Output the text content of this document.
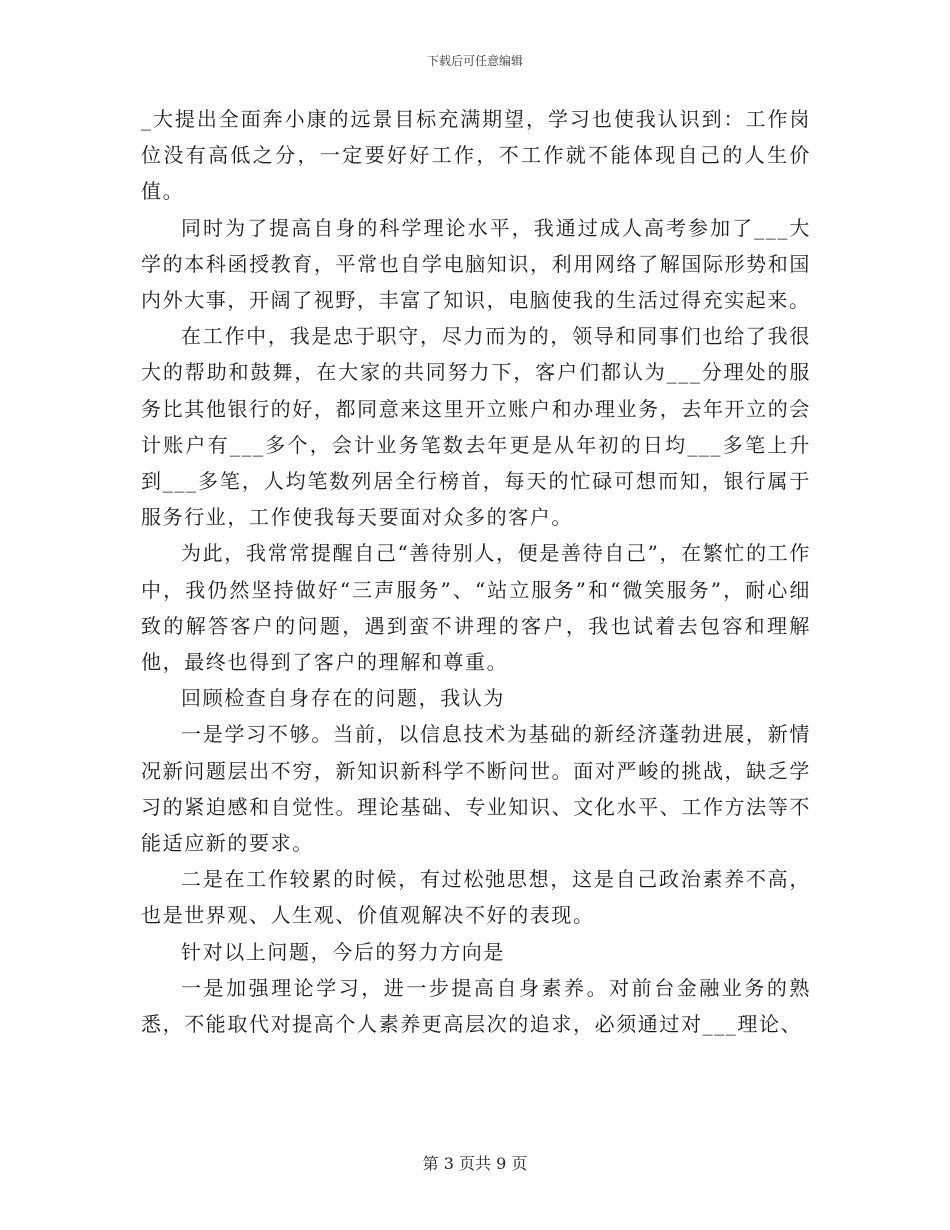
下载后可任意编辑

_大提出全面奔小康的远景目标充满期望，学习也使我认识到：工作岗位没有高低之分，一定要好好工作，不工作就不能体现自己的人生价值。

同时为了提高自身的科学理论水平，我通过成人高考参加了___大学的本科函授教育，平常也自学电脑知识，利用网络了解国际形势和国内外大事，开阔了视野，丰富了知识，电脑使我的生活过得充实起来。

在工作中，我是忠于职守，尽力而为的，领导和同事们也给了我很大的帮助和鼓舞，在大家的共同努力下，客户们都认为___分理处的服务比其他银行的好，都同意来这里开立账户和办理业务，去年开立的会计账户有___多个，会计业务笔数去年更是从年初的日均___多笔上升到___多笔，人均笔数列居全行榜首，每天的忙碌可想而知，银行属于服务行业，工作使我每天要面对众多的客户。

为此，我常常提醒自己“善待别人，便是善待自己”，在繁忙的工作中，我仍然坚持做好“三声服务”、“站立服务”和“微笑服务”，耐心细致的解答客户的问题，遇到蛮不讲理的客户，我也试着去包容和理解他，最终也得到了客户的理解和尊重。

回顾检查自身存在的问题，我认为

一是学习不够。当前，以信息技术为基础的新经济蓬勃进展，新情况新问题层出不穷，新知识新科学不断问世。面对严峻的挑战，缺乏学习的紧迫感和自觉性。理论基础、专业知识、文化水平、工作方法等不能适应新的要求。

二是在工作较累的时候，有过松弛思想，这是自己政治素养不高，也是世界观、人生观、价值观解决不好的表现。

针对以上问题，今后的努力方向是

一是加强理论学习，进一步提高自身素养。对前台金融业务的熟悉，不能取代对提高个人素养更高层次的追求，必须通过对___理论、

第 3 页共 9 页
